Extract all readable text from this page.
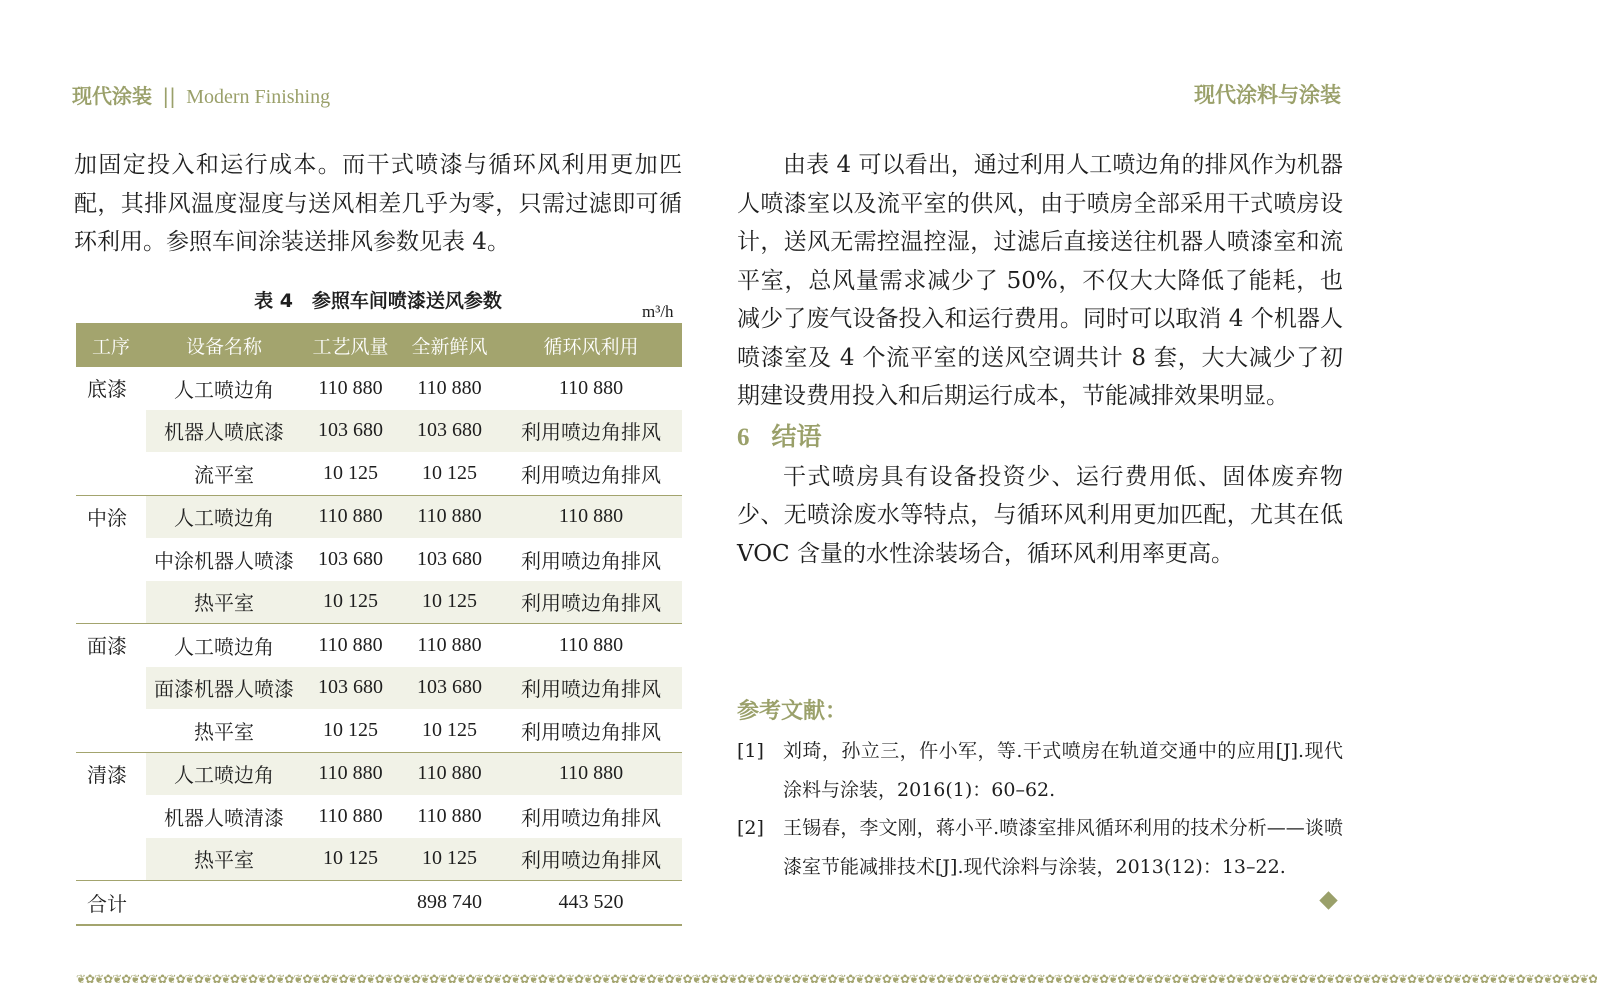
现代涂装 || Modern Finishing	现代涂料与涂装

加固定投入和运行成本。而干式喷漆与循环风利用更加匹配，其排风温度湿度与送风相差几乎为零，只需过滤即可循环利用。参照车间涂装送排风参数见表 4。

表 4　参照车间喷漆送风参数	m³/h
工序	设备名称	工艺风量	全新鲜风	循环风利用
底漆	人工喷边角	110 880	110 880	110 880
	机器人喷底漆	103 680	103 680	利用喷边角排风
	流平室	10 125	10 125	利用喷边角排风
中涂	人工喷边角	110 880	110 880	110 880
	中涂机器人喷漆	103 680	103 680	利用喷边角排风
	热平室	10 125	10 125	利用喷边角排风
面漆	人工喷边角	110 880	110 880	110 880
	面漆机器人喷漆	103 680	103 680	利用喷边角排风
	热平室	10 125	10 125	利用喷边角排风
清漆	人工喷边角	110 880	110 880	110 880
	机器人喷清漆	110 880	110 880	利用喷边角排风
	热平室	10 125	10 125	利用喷边角排风
合计			898 740	443 520

由表 4 可以看出，通过利用人工喷边角的排风作为机器人喷漆室以及流平室的供风，由于喷房全部采用干式喷房设计，送风无需控温控湿，过滤后直接送往机器人喷漆室和流平室，总风量需求减少了 50%，不仅大大降低了能耗，也减少了废气设备投入和运行费用。同时可以取消 4 个机器人喷漆室及 4 个流平室的送风空调共计 8 套，大大减少了初期建设费用投入和后期运行成本，节能减排效果明显。

6 结语

干式喷房具有设备投资少、运行费用低、固体废弃物少、无喷涂废水等特点，与循环风利用更加匹配，尤其在低 VOC 含量的水性涂装场合，循环风利用率更高。

参考文献：
[1] 刘琦，孙立三，仵小军，等.干式喷房在轨道交通中的应用[J].现代涂料与涂装，2016(1)：60–62.
[2] 王锡春，李文刚，蒋小平.喷漆室排风循环利用的技术分析——谈喷漆室节能减排技术[J].现代涂料与涂装，2013(12)：13–22.
❦✿❦✿❦✿❦✿❦✿❦✿❦✿❦✿❦✿❦✿❦✿❦✿❦✿❦✿❦✿❦✿❦✿❦✿❦✿❦✿❦✿❦✿❦✿❦✿❦✿❦✿❦✿❦✿❦✿❦✿❦✿❦✿❦✿❦✿❦✿❦✿❦✿❦✿❦✿❦✿❦✿❦✿❦✿❦✿❦✿❦✿❦✿❦✿❦✿❦✿❦✿❦✿❦✿❦✿❦✿❦✿❦✿❦✿❦✿❦✿❦✿❦✿❦✿❦✿❦✿❦✿❦✿❦✿❦✿❦✿❦✿❦✿❦✿❦✿❦✿❦✿❦✿❦✿❦✿❦✿❦✿❦✿❦✿❦✿
